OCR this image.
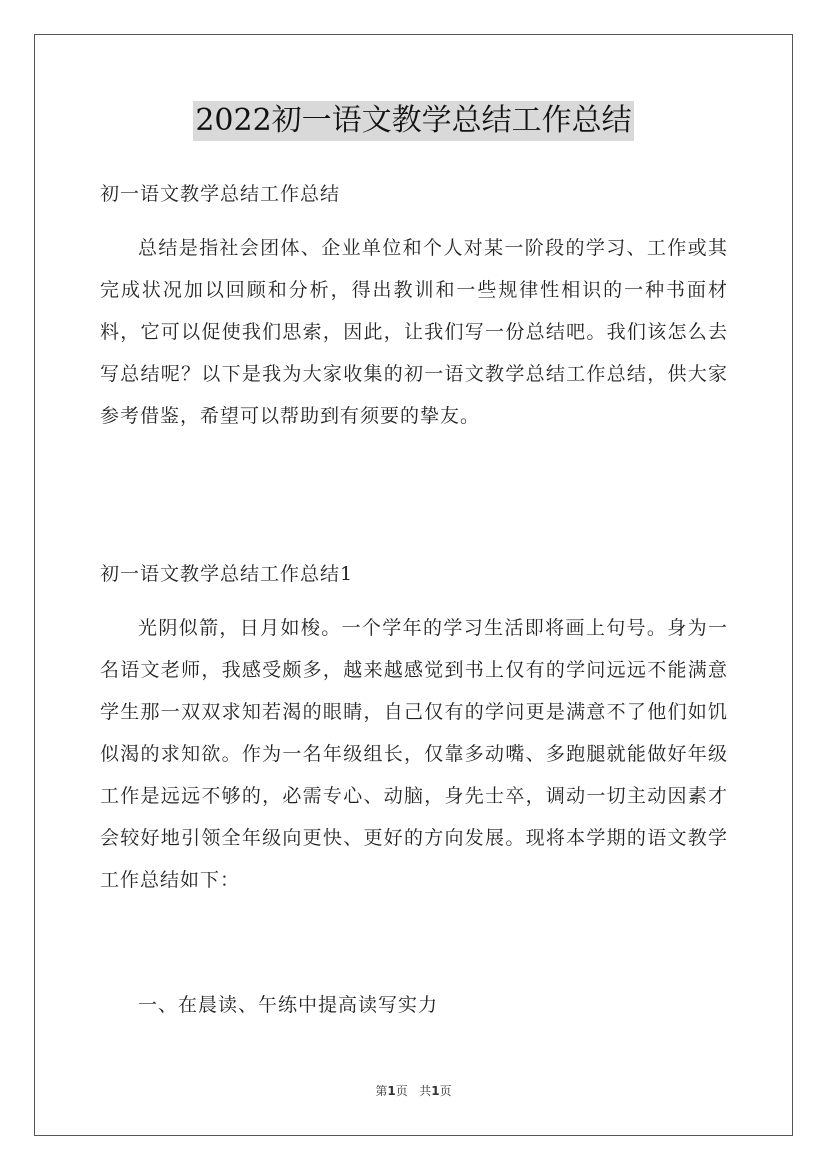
2022初一语文教学总结工作总结
初一语文教学总结工作总结
总结是指社会团体、企业单位和个人对某一阶段的学习、工作或其完成状况加以回顾和分析，得出教训和一些规律性相识的一种书面材料，它可以促使我们思索，因此，让我们写一份总结吧。我们该怎么去写总结呢？以下是我为大家收集的初一语文教学总结工作总结，供大家参考借鉴，希望可以帮助到有须要的挚友。
初一语文教学总结工作总结1
光阴似箭，日月如梭。一个学年的学习生活即将画上句号。身为一名语文老师，我感受颇多，越来越感觉到书上仅有的学问远远不能满意学生那一双双求知若渴的眼睛，自己仅有的学问更是满意不了他们如饥似渴的求知欲。作为一名年级组长，仅靠多动嘴、多跑腿就能做好年级工作是远远不够的，必需专心、动脑，身先士卒，调动一切主动因素才会较好地引领全年级向更快、更好的方向发展。现将本学期的语文教学工作总结如下：
一、在晨读、午练中提高读写实力
第1页 共1页
